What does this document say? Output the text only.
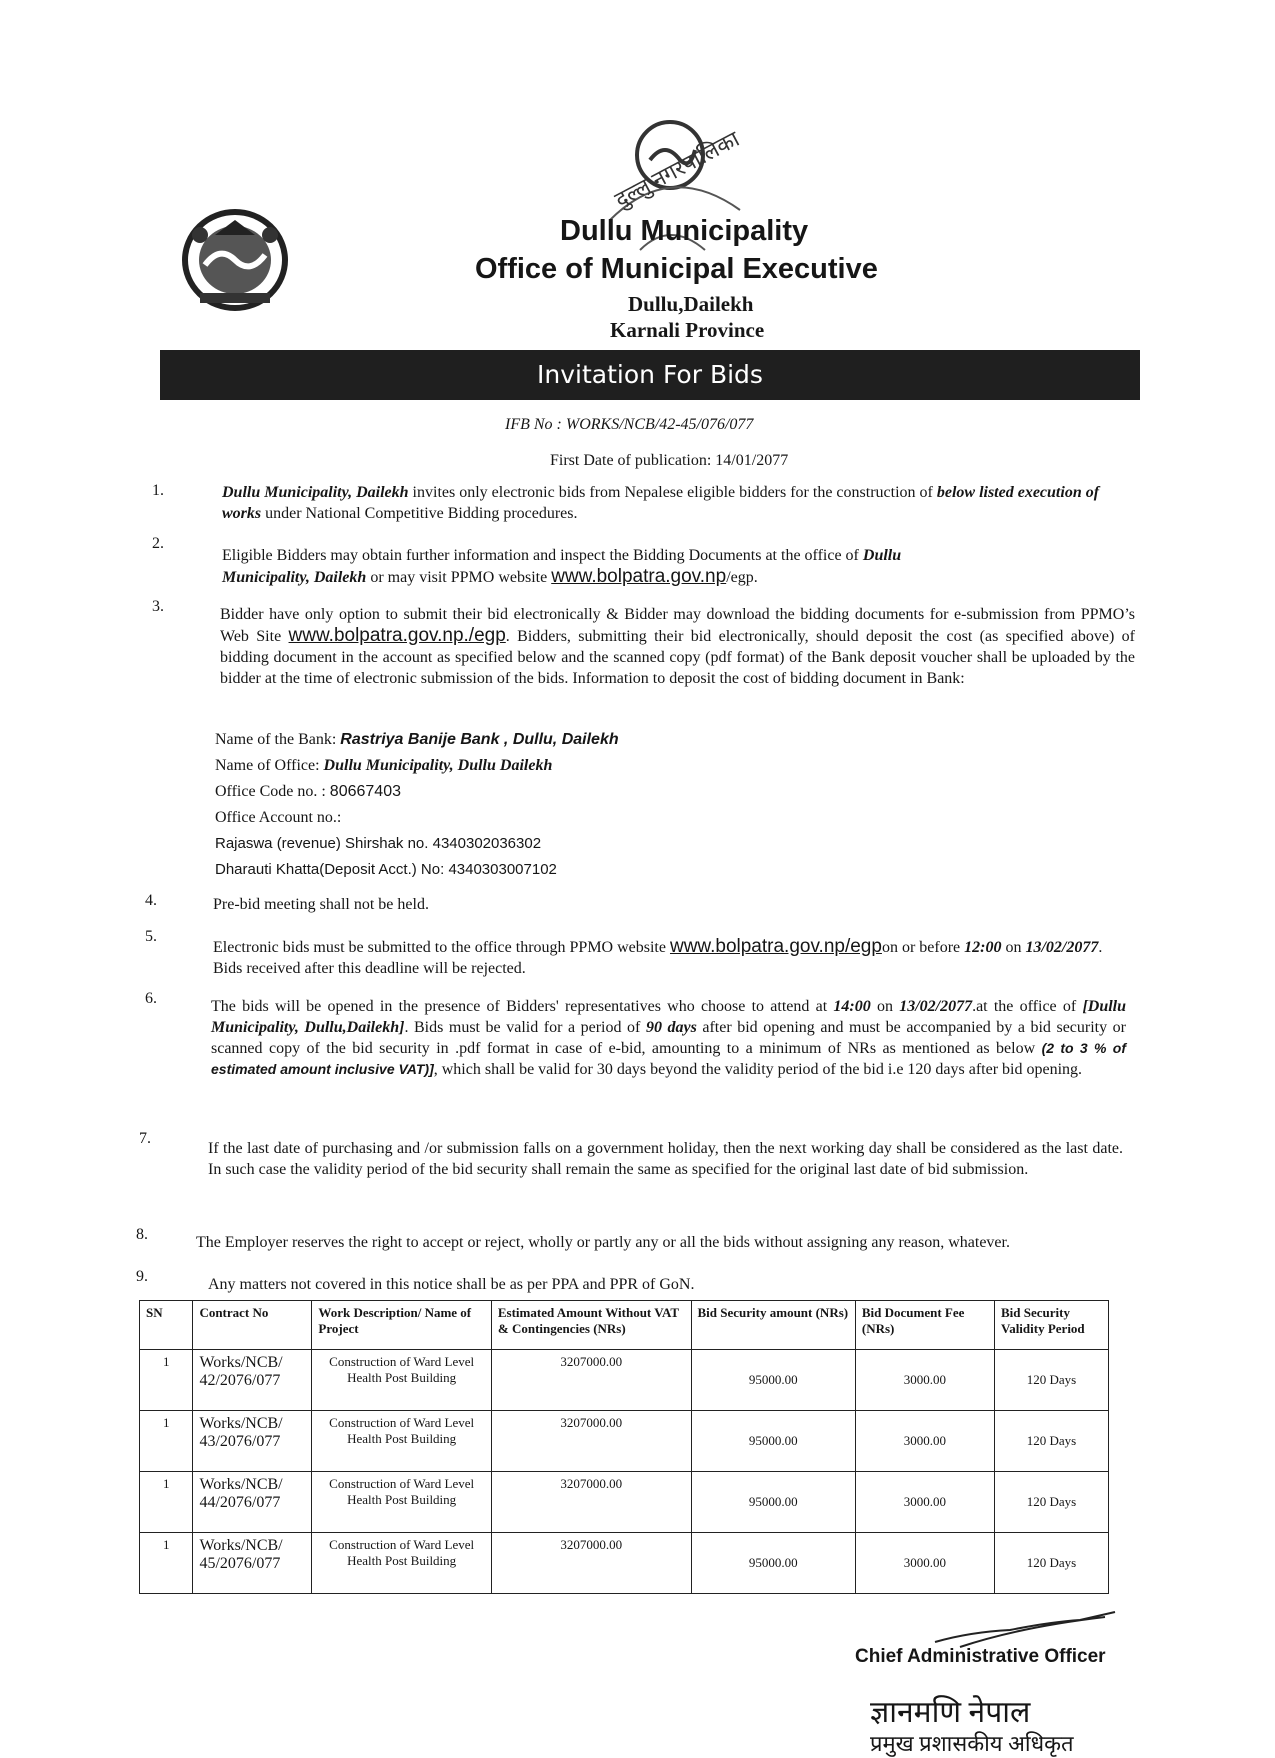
दुल्लु नगरपालिका
Dullu Municipality
Office of Municipal Executive
Dullu,Dailekh
Karnali Province
Invitation For Bids
IFB No : WORKS/NCB/42-45/076/077
First Date of publication: 14/01/2077
1.	Dullu Municipality, Dailekh invites only electronic bids from Nepalese eligible bidders for the construction of below listed execution of works under National Competitive Bidding procedures.
2.
Eligible Bidders may obtain further information and inspect the Bidding Documents at the office of Dullu Municipality, Dailekh or may visit PPMO website www.bolpatra.gov.np/egp.
3.	Bidder have only option to submit their bid electronically & Bidder may download the bidding documents for e-submission from PPMO’s Web Site www.bolpatra.gov.np./egp. Bidders, submitting their bid electronically, should deposit the cost (as specified above) of bidding document in the account as specified below and the scanned copy (pdf format) of the Bank deposit voucher shall be uploaded by the bidder at the time of electronic submission of the bids. Information to deposit the cost of bidding document in Bank:
Name of the Bank: Rastriya Banije Bank , Dullu, Dailekh
Name of Office: Dullu Municipality, Dullu Dailekh
Office Code no. : 80667403
Office Account no.:
Rajaswa (revenue) Shirshak no. 4340302036302
Dharauti Khatta(Deposit Acct.) No: 4340303007102
4.	Pre-bid meeting shall not be held.
5.
Electronic bids must be submitted to the office through PPMO website www.bolpatra.gov.np/egpon or before 12:00 on 13/02/2077. Bids received after this deadline will be rejected.
6.	The bids will be opened in the presence of Bidders' representatives who choose to attend at 14:00 on 13/02/2077.at the office of [Dullu Municipality, Dullu,Dailekh]. Bids must be valid for a period of 90 days after bid opening and must be accompanied by a bid security or scanned copy of the bid security in .pdf format in case of e-bid, amounting to a minimum of NRs as mentioned as below (2 to 3 % of estimated amount inclusive VAT)], which shall be valid for 30 days beyond the validity period of the bid i.e 120 days after bid opening.
7.
If the last date of purchasing and /or submission falls on a government holiday, then the next working day shall be considered as the last date. In such case the validity period of the bid security shall remain the same as specified for the original last date of bid submission.
8.	The Employer reserves the right to accept or reject, wholly or partly any or all the bids without assigning any reason, whatever.
9.	Any matters not covered in this notice shall be as per PPA and PPR of GoN.
SN	Contract No	Work Description/ Name of Project	Estimated Amount Without VAT & Contingencies (NRs)	Bid Security amount (NRs)	Bid Document Fee (NRs)	Bid Security Validity Period
1	Works/NCB/ 42/2076/077	Construction of Ward Level Health Post Building	3207000.00	95000.00	3000.00	120 Days
1	Works/NCB/ 43/2076/077	Construction of Ward Level Health Post Building	3207000.00	95000.00	3000.00	120 Days
1	Works/NCB/ 44/2076/077	Construction of Ward Level Health Post Building	3207000.00	95000.00	3000.00	120 Days
1	Works/NCB/ 45/2076/077	Construction of Ward Level Health Post Building	3207000.00	95000.00	3000.00	120 Days
Chief Administrative Officer
ज्ञानमणि नेपाल
प्रमुख प्रशासकीय अधिकृत
